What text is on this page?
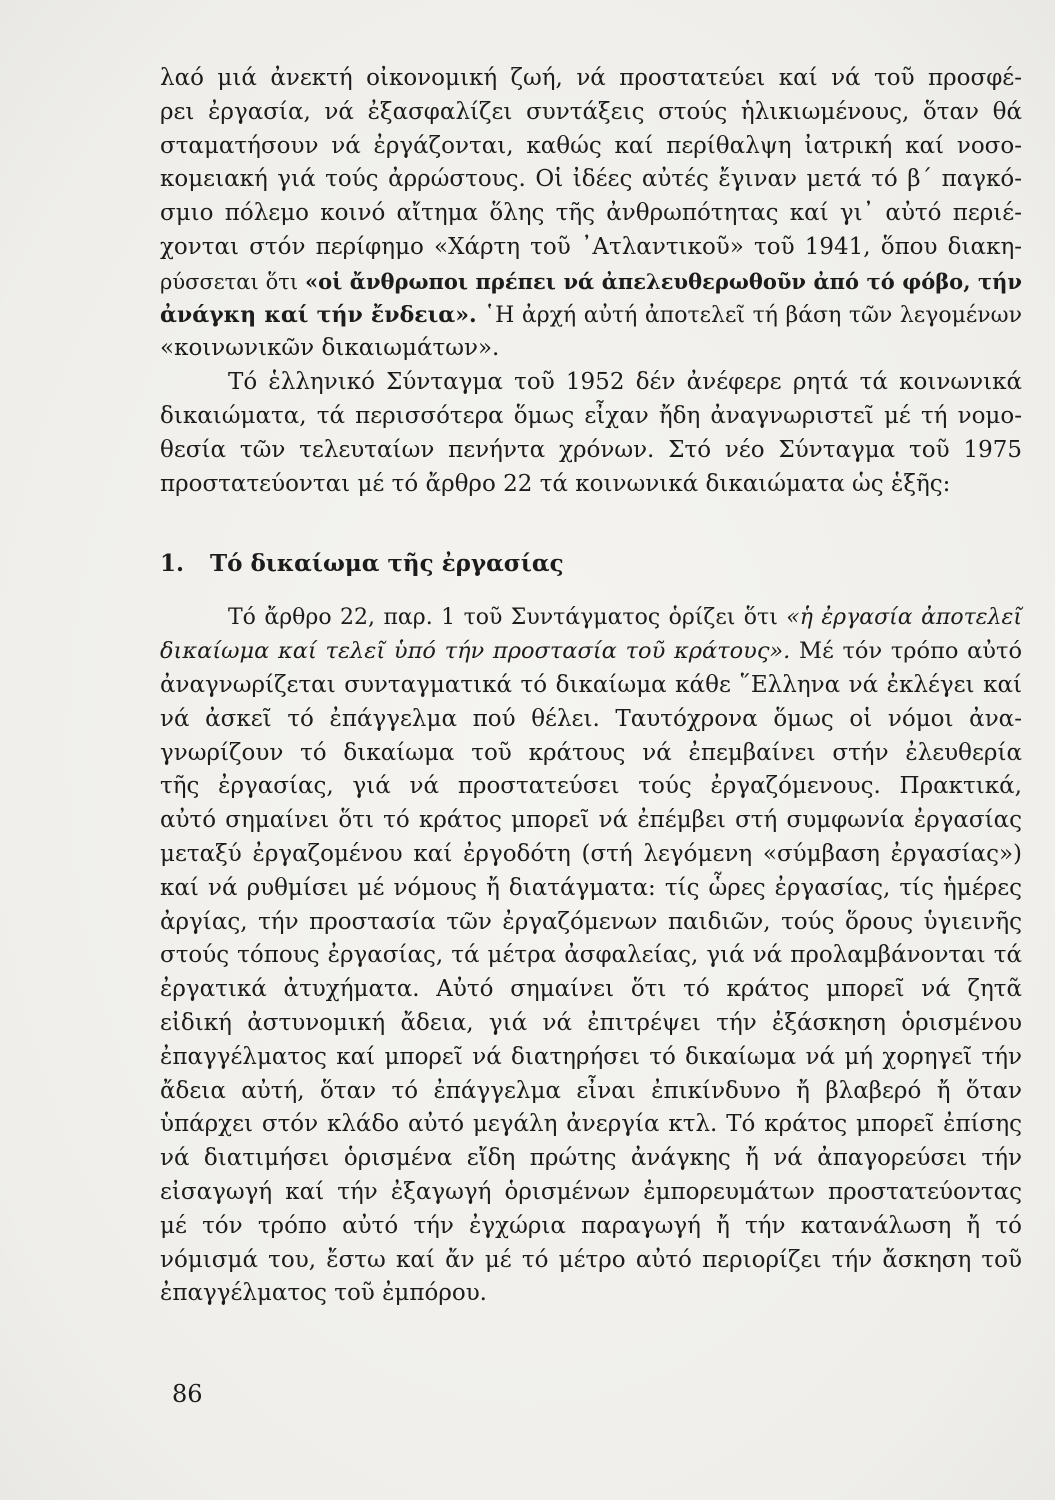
λαό μιά ἀνεκτή οἰκονομική ζωή, νά προστατεύει καί νά τοῦ προσφέ-
ρει ἐργασία, νά ἐξασφαλίζει συντάξεις στούς ἡλικιωμένους, ὅταν θά
σταματήσουν νά ἐργάζονται, καθώς καί περίθαλψη ἰατρική καί νοσο-
κομειακή γιά τούς ἀρρώστους. Οἱ ἰδέες αὐτές ἔγιναν μετά τό β΄ παγκό-
σμιο πόλεμο κοινό αἴτημα ὅλης τῆς ἀνθρωπότητας καί γι᾽ αὐτό περιέ-
χονται στόν περίφημο «Χάρτη τοῦ ᾽Ατλαντικοῦ» τοῦ 1941, ὅπου διακη-
ρύσσεται ὅτι «οἱ ἄνθρωποι πρέπει νά ἀπελευθερωθοῦν ἀπό τό φόβο, τήν
ἀνάγκη καί τήν ἔνδεια». ῾Η ἀρχή αὐτή ἀποτελεῖ τή βάση τῶν λεγομένων
«κοινωνικῶν δικαιωμάτων».

Τό ἑλληνικό Σύνταγμα τοῦ 1952 δέν ἀνέφερε ρητά τά κοινωνικά
δικαιώματα, τά περισσότερα ὅμως εἶχαν ἤδη ἀναγνωριστεῖ μέ τή νομο-
θεσία τῶν τελευταίων πενήντα χρόνων. Στό νέο Σύνταγμα τοῦ 1975
προστατεύονται μέ τό ἄρθρο 22 τά κοινωνικά δικαιώματα ὡς ἑξῆς:

1. Τό δικαίωμα τῆς ἐργασίας

Τό ἄρθρο 22, παρ. 1 τοῦ Συντάγματος ὁρίζει ὅτι «ἡ ἐργασία ἀποτελεῖ
δικαίωμα καί τελεῖ ὑπό τήν προστασία τοῦ κράτους». Μέ τόν τρόπο αὐτό
ἀναγνωρίζεται συνταγματικά τό δικαίωμα κάθε ῞Ελληνα νά ἐκλέγει καί
νά ἀσκεῖ τό ἐπάγγελμα πού θέλει. Ταυτόχρονα ὅμως οἱ νόμοι ἀνα-
γνωρίζουν τό δικαίωμα τοῦ κράτους νά ἐπεμβαίνει στήν ἐλευθερία
τῆς ἐργασίας, γιά νά προστατεύσει τούς ἐργαζόμενους. Πρακτικά,
αὐτό σημαίνει ὅτι τό κράτος μπορεῖ νά ἐπέμβει στή συμφωνία ἐργασίας
μεταξύ ἐργαζομένου καί ἐργοδότη (στή λεγόμενη «σύμβαση ἐργασίας»)
καί νά ρυθμίσει μέ νόμους ἤ διατάγματα: τίς ὧρες ἐργασίας, τίς ἡμέρες
ἀργίας, τήν προστασία τῶν ἐργαζόμενων παιδιῶν, τούς ὅρους ὑγιεινῆς
στούς τόπους ἐργασίας, τά μέτρα ἀσφαλείας, γιά νά προλαμβάνονται τά
ἐργατικά ἀτυχήματα. Αὐτό σημαίνει ὅτι τό κράτος μπορεῖ νά ζητᾶ
εἰδική ἀστυνομική ἄδεια, γιά νά ἐπιτρέψει τήν ἐξάσκηση ὁρισμένου
ἐπαγγέλματος καί μπορεῖ νά διατηρήσει τό δικαίωμα νά μή χορηγεῖ τήν
ἄδεια αὐτή, ὅταν τό ἐπάγγελμα εἶναι ἐπικίνδυνο ἤ βλαβερό ἤ ὅταν
ὑπάρχει στόν κλάδο αὐτό μεγάλη ἀνεργία κτλ. Τό κράτος μπορεῖ ἐπίσης
νά διατιμήσει ὁρισμένα εἴδη πρώτης ἀνάγκης ἤ νά ἀπαγορεύσει τήν
εἰσαγωγή καί τήν ἐξαγωγή ὁρισμένων ἐμπορευμάτων προστατεύοντας
μέ τόν τρόπο αὐτό τήν ἐγχώρια παραγωγή ἤ τήν κατανάλωση ἤ τό
νόμισμά του, ἔστω καί ἄν μέ τό μέτρο αὐτό περιορίζει τήν ἄσκηση τοῦ
ἐπαγγέλματος τοῦ ἐμπόρου.

86
